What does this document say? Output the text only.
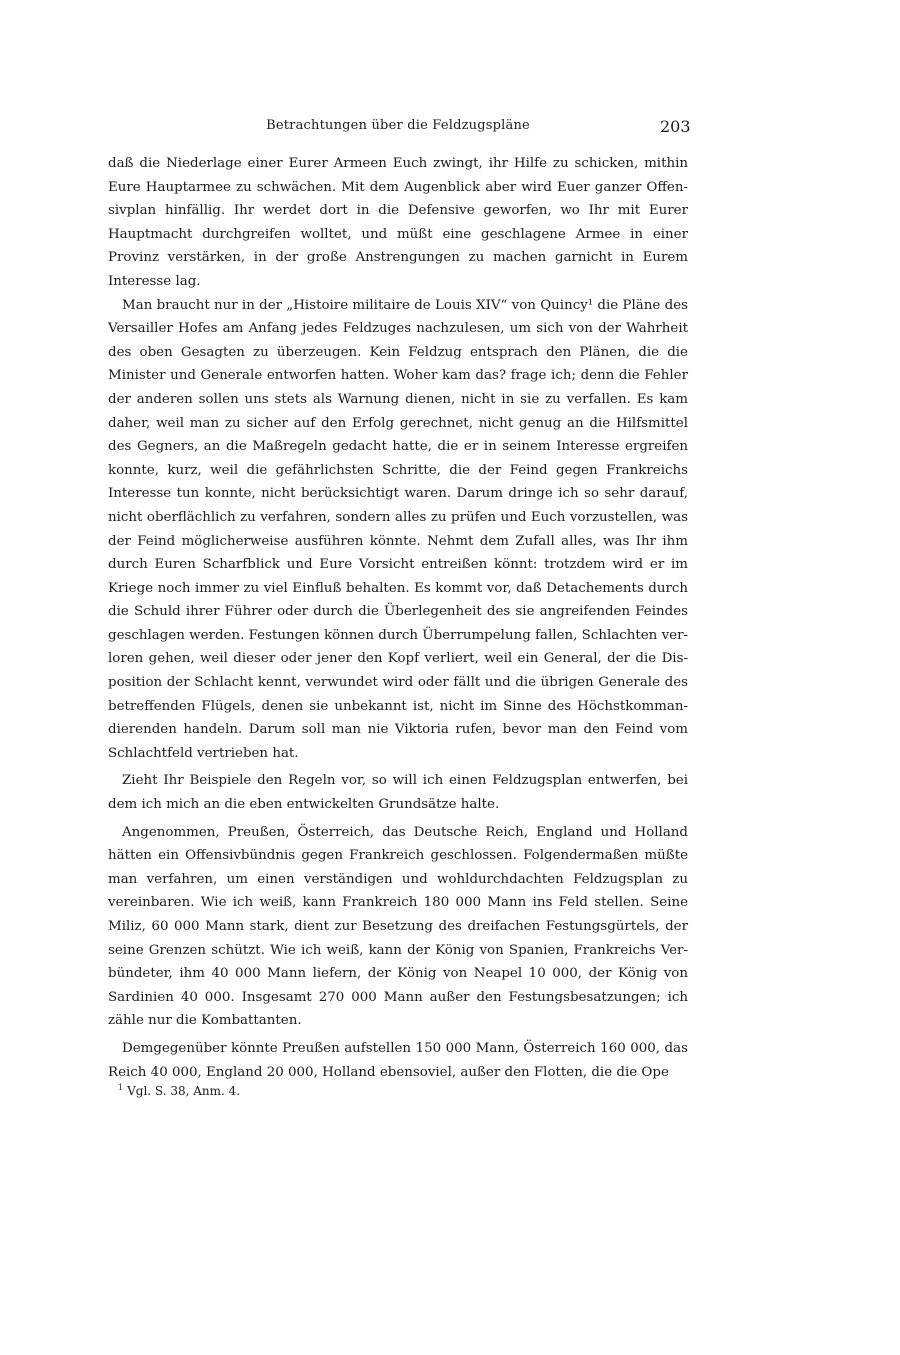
Betrachtungen über die Feldzugspläne	203

daß die Niederlage einer Eurer Armeen Euch zwingt, ihr Hilfe zu schicken, mithin Eure Hauptarmee zu schwächen. Mit dem Augenblick aber wird Euer ganzer Offensivplan hinfällig. Ihr werdet dort in die Defensive geworfen, wo Ihr mit Eurer Hauptmacht durchgreifen wolltet, und müßt eine geschlagene Armee in einer Provinz verstärken, in der große Anstrengungen zu machen garnicht in Eurem Interesse lag.

Man braucht nur in der „Histoire militaire de Louis XIV“ von Quincy¹ die Pläne des Versailler Hofes am Anfang jedes Feldzuges nachzulesen, um sich von der Wahrheit des oben Gesagten zu überzeugen. Kein Feldzug entsprach den Plänen, die die Minister und Generale entworfen hatten. Woher kam das? frage ich; denn die Fehler der anderen sollen uns stets als Warnung dienen, nicht in sie zu verfallen. Es kam daher, weil man zu sicher auf den Erfolg gerechnet, nicht genug an die Hilfsmittel des Gegners, an die Maßregeln gedacht hatte, die er in seinem Interesse ergreifen konnte, kurz, weil die gefährlichsten Schritte, die der Feind gegen Frankreichs Interesse tun konnte, nicht berücksichtigt waren. Darum dringe ich so sehr darauf, nicht oberflächlich zu verfahren, sondern alles zu prüfen und Euch vorzustellen, was der Feind möglicherweise ausführen könnte. Nehmt dem Zufall alles, was Ihr ihm durch Euren Scharfblick und Eure Vorsicht entreißen könnt: trotzdem wird er im Kriege noch immer zu viel Einfluß behalten. Es kommt vor, daß Detachements durch die Schuld ihrer Führer oder durch die Überlegenheit des sie angreifenden Feindes geschlagen werden. Festungen können durch Überrumpelung fallen, Schlachten verloren gehen, weil dieser oder jener den Kopf verliert, weil ein General, der die Disposition der Schlacht kennt, verwundet wird oder fällt und die übrigen Generale des betreffenden Flügels, denen sie unbekannt ist, nicht im Sinne des Höchstkommandierenden handeln. Darum soll man nie Viktoria rufen, bevor man den Feind vom Schlachtfeld vertrieben hat.

Zieht Ihr Beispiele den Regeln vor, so will ich einen Feldzugsplan entwerfen, bei dem ich mich an die eben entwickelten Grundsätze halte.

Angenommen, Preußen, Österreich, das Deutsche Reich, England und Holland hätten ein Offensivbündnis gegen Frankreich geschlossen. Folgendermaßen müßte man verfahren, um einen verständigen und wohldurchdachten Feldzugsplan zu vereinbaren. Wie ich weiß, kann Frankreich 180 000 Mann ins Feld stellen. Seine Miliz, 60 000 Mann stark, dient zur Besetzung des dreifachen Festungsgürtels, der seine Grenzen schützt. Wie ich weiß, kann der König von Spanien, Frankreichs Verbündeter, ihm 40 000 Mann liefern, der König von Neapel 10 000, der König von Sardinien 40 000. Insgesamt 270 000 Mann außer den Festungsbesatzungen; ich zähle nur die Kombattanten.

Demgegenüber könnte Preußen aufstellen 150 000 Mann, Österreich 160 000, das Reich 40 000, England 20 000, Holland ebensoviel, außer den Flotten, die die Ope

$^1$ Vgl. S. 38, Anm. 4.
